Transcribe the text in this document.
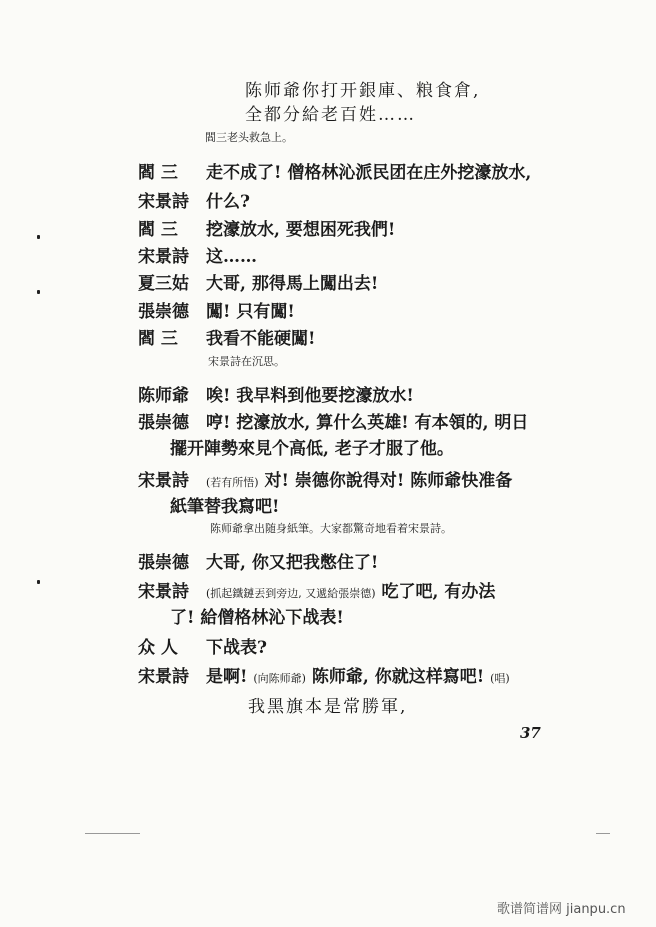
陈师爺你打开銀庫、粮食倉,
全都分給老百姓……
閻三老头救急上。
閻 三 走不成了! 僧格林沁派民团在庄外挖濠放水,
宋景詩 什么?
閻 三 挖濠放水, 要想困死我們!
宋景詩 这……
夏三姑 大哥, 那得馬上闖出去!
張崇德 闖! 只有闖!
閻 三 我看不能硬闖!
宋景詩在沉思。
陈师爺 唉! 我早料到他要挖濠放水!
張崇德 哼! 挖濠放水, 算什么英雄! 有本領的, 明日
擺开陣勢來見个高低, 老子才服了他。
宋景詩 (若有所悟) 对! 崇德你說得对! 陈师爺快准备
紙筆替我寫吧!
陈师爺拿出随身紙筆。大家都驚奇地看着宋景詩。
張崇德 大哥, 你又把我憋住了!
宋景詩 (抓起鐵鏈丟到旁边, 又遞給張崇德) 吃了吧, 有办法
了! 給僧格林沁下战表!
众 人 下战表?
宋景詩 是啊! (向陈师爺) 陈师爺, 你就这样寫吧! (唱)
我黑旗本是常勝軍,
37
歌谱简谱网 jianpu.cn
